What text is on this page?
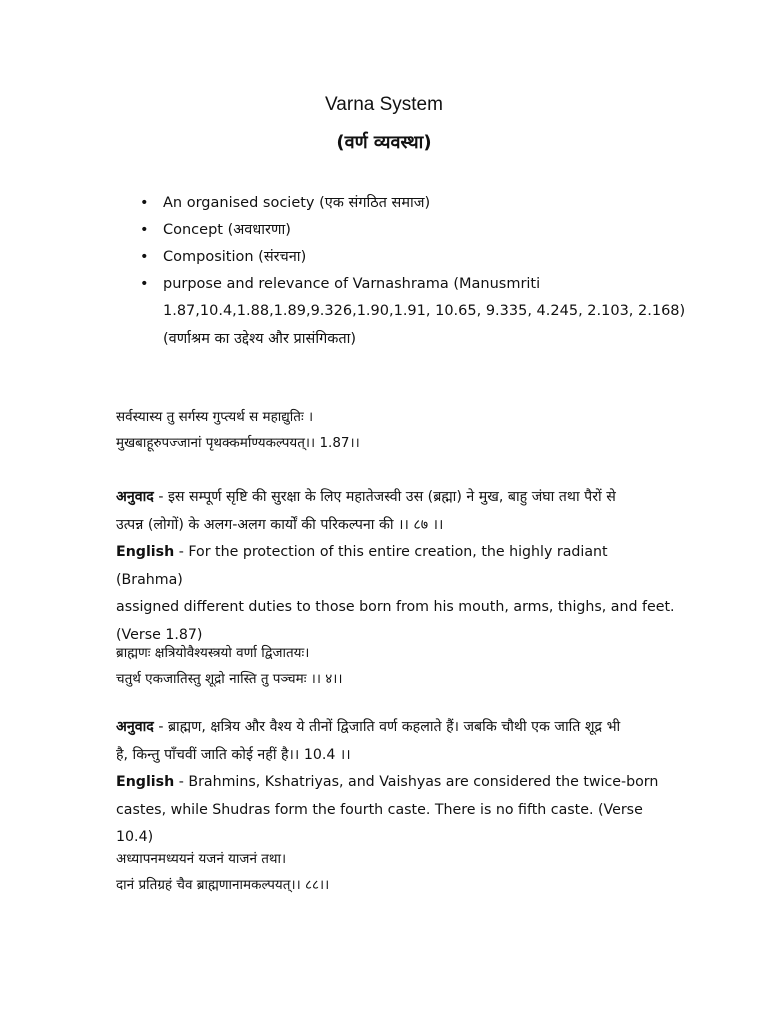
Varna System
(वर्ण व्यवस्था)
• An organised society (एक संगठित समाज)
• Concept (अवधारणा)
• Composition (संरचना)
• purpose and relevance of Varnashrama (Manusmriti
1.87,10.4,1.88,1.89,9.326,1.90,1.91, 10.65, 9.335, 4.245, 2.103, 2.168)
(वर्णाश्रम का उद्देश्य और प्रासंगिकता)
सर्वस्यास्य तु सर्गस्य गुप्त्यर्थ स महाद्युतिः ।
मुखबाहूरुपज्जानां पृथक्कर्माण्यकल्पयत्।। 1.87।।
अनुवाद - इस सम्पूर्ण सृष्टि की सुरक्षा के लिए महातेजस्वी उस (ब्रह्मा) ने मुख, बाहु जंघा तथा पैरों से
उत्पन्न (लोगों) के अलग-अलग कार्यों की परिकल्पना की ।। ८७ ।।
English - For the protection of this entire creation, the highly radiant (Brahma)
assigned different duties to those born from his mouth, arms, thighs, and feet.
(Verse 1.87)
ब्राह्मणः क्षत्रियोवैश्यस्त्रयो वर्णा द्विजातयः।
चतुर्थ एकजातिस्तु शूद्रो नास्ति तु पञ्चमः ।। ४।।
अनुवाद - ब्राह्मण, क्षत्रिय और वैश्य ये तीनों द्विजाति वर्ण कहलाते हैं। जबकि चौथी एक जाति शूद्र भी
है, किन्तु पाँचवीं जाति कोई नहीं है।। 10.4 ।।
English - Brahmins, Kshatriyas, and Vaishyas are considered the twice-born
castes, while Shudras form the fourth caste. There is no fifth caste. (Verse 10.4)
अध्यापनमध्ययनं यजनं याजनं तथा।
दानं प्रतिग्रहं चैव ब्राह्मणानामकल्पयत्।। ८८।।
